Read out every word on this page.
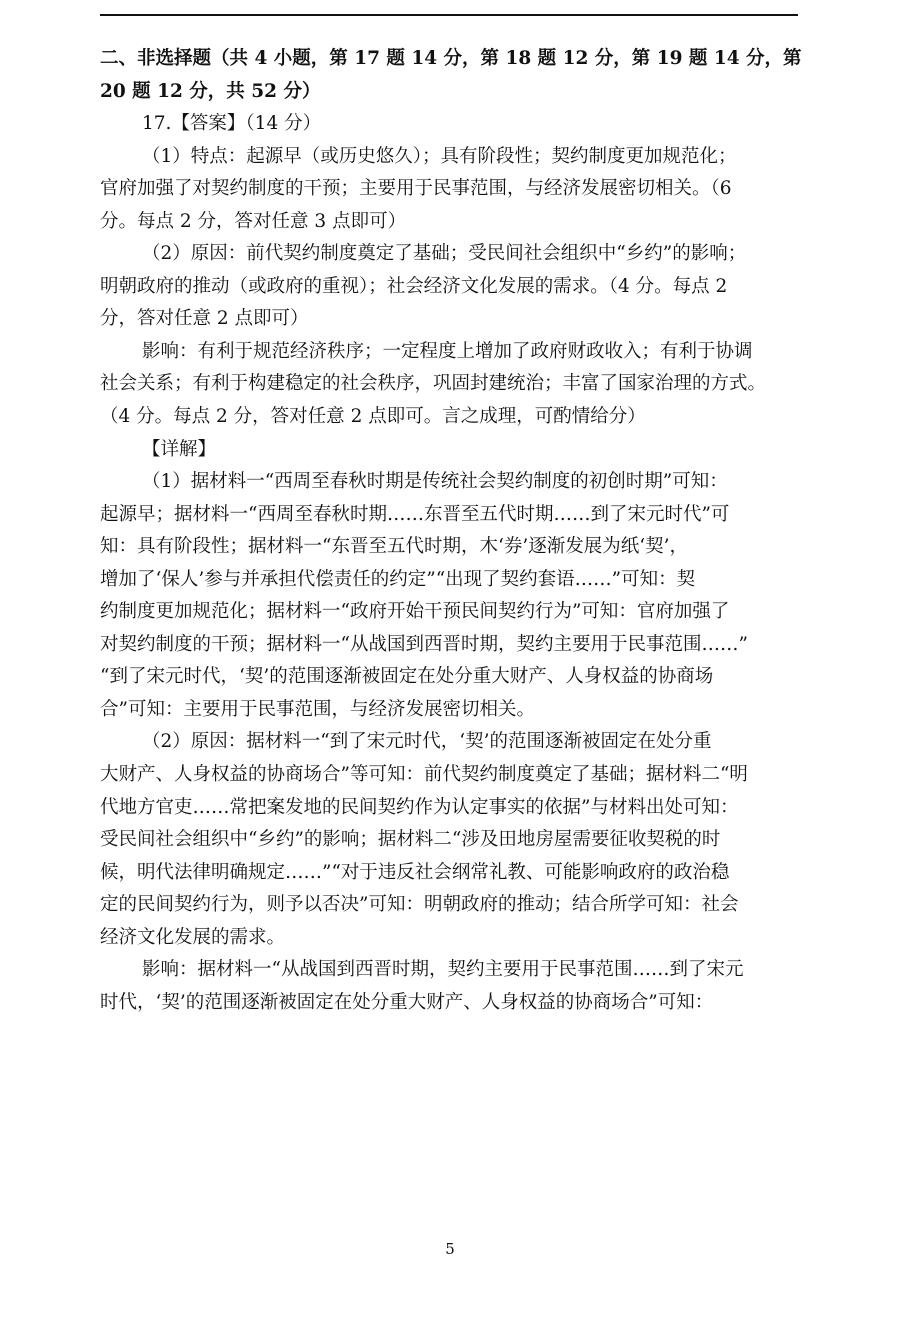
二、非选择题（共 4 小题，第 17 题 14 分，第 18 题 12 分，第 19 题 14 分，第
20 题 12 分，共 52 分）
17.【答案】（14 分）
（1）特点：起源早（或历史悠久）；具有阶段性；契约制度更加规范化；
官府加强了对契约制度的干预；主要用于民事范围，与经济发展密切相关。（6
分。每点 2 分，答对任意 3 点即可）
（2）原因：前代契约制度奠定了基础；受民间社会组织中“乡约”的影响；
明朝政府的推动（或政府的重视）；社会经济文化发展的需求。（4 分。每点 2
分，答对任意 2 点即可）
影响：有利于规范经济秩序；一定程度上增加了政府财政收入；有利于协调
社会关系；有利于构建稳定的社会秩序，巩固封建统治；丰富了国家治理的方式。
（4 分。每点 2 分，答对任意 2 点即可。言之成理，可酌情给分）
【详解】
（1）据材料一“西周至春秋时期是传统社会契约制度的初创时期”可知：
起源早；据材料一“西周至春秋时期……东晋至五代时期……到了宋元时代”可
知：具有阶段性；据材料一“东晋至五代时期，木‘券’逐渐发展为纸‘契’，
增加了‘保人’参与并承担代偿责任的约定”“出现了契约套语……”可知：契
约制度更加规范化；据材料一“政府开始干预民间契约行为”可知：官府加强了
对契约制度的干预；据材料一“从战国到西晋时期，契约主要用于民事范围……”
“到了宋元时代，‘契’的范围逐渐被固定在处分重大财产、人身权益的协商场
合”可知：主要用于民事范围，与经济发展密切相关。
（2）原因：据材料一“到了宋元时代，‘契’的范围逐渐被固定在处分重
大财产、人身权益的协商场合”等可知：前代契约制度奠定了基础；据材料二“明
代地方官吏……常把案发地的民间契约作为认定事实的依据”与材料出处可知：
受民间社会组织中“乡约”的影响；据材料二“涉及田地房屋需要征收契税的时
候，明代法律明确规定……”“对于违反社会纲常礼教、可能影响政府的政治稳
定的民间契约行为，则予以否决”可知：明朝政府的推动；结合所学可知：社会
经济文化发展的需求。
影响：据材料一“从战国到西晋时期，契约主要用于民事范围……到了宋元
时代，‘契’的范围逐渐被固定在处分重大财产、人身权益的协商场合”可知：
5
